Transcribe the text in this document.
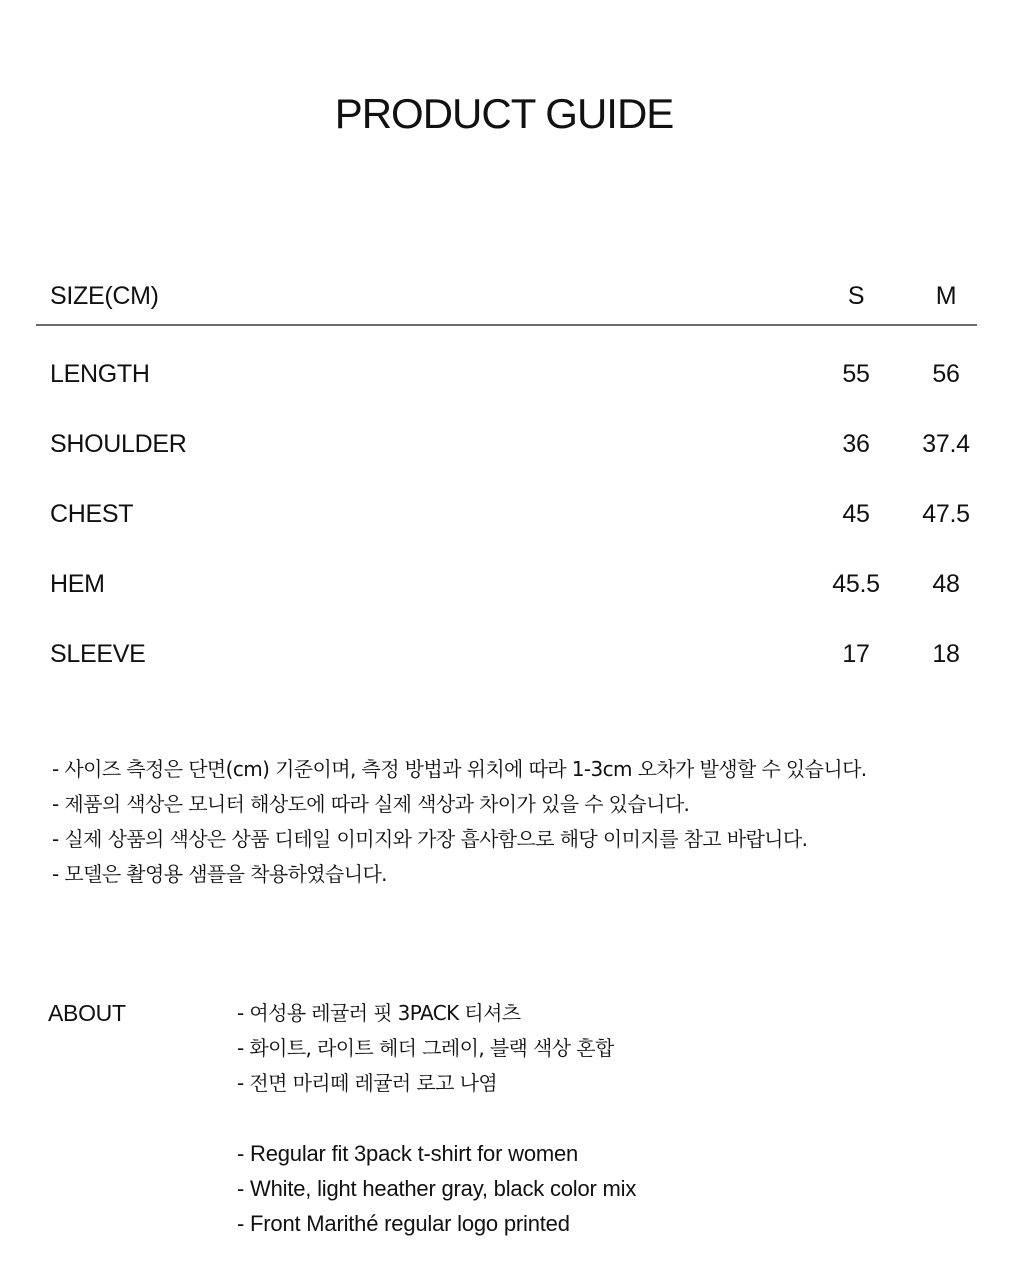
PRODUCT GUIDE
SIZE(CM)	S	M
LENGTH	55	56
SHOULDER	36	37.4
CHEST	45	47.5
HEM	45.5	48
SLEEVE	17	18
- 사이즈 측정은 단면(cm) 기준이며, 측정 방법과 위치에 따라 1-3cm 오차가 발생할 수 있습니다.
- 제품의 색상은 모니터 해상도에 따라 실제 색상과 차이가 있을 수 있습니다.
- 실제 상품의 색상은 상품 디테일 이미지와 가장 흡사함으로 해당 이미지를 참고 바랍니다.
- 모델은 촬영용 샘플을 착용하였습니다.
ABOUT	- 여성용 레귤러 핏 3PACK 티셔츠
- 화이트, 라이트 헤더 그레이, 블랙 색상 혼합
- 전면 마리떼 레귤러 로고 나염
- Regular fit 3pack t-shirt for women
- White, light heather gray, black color mix
- Front Marithé regular logo printed
